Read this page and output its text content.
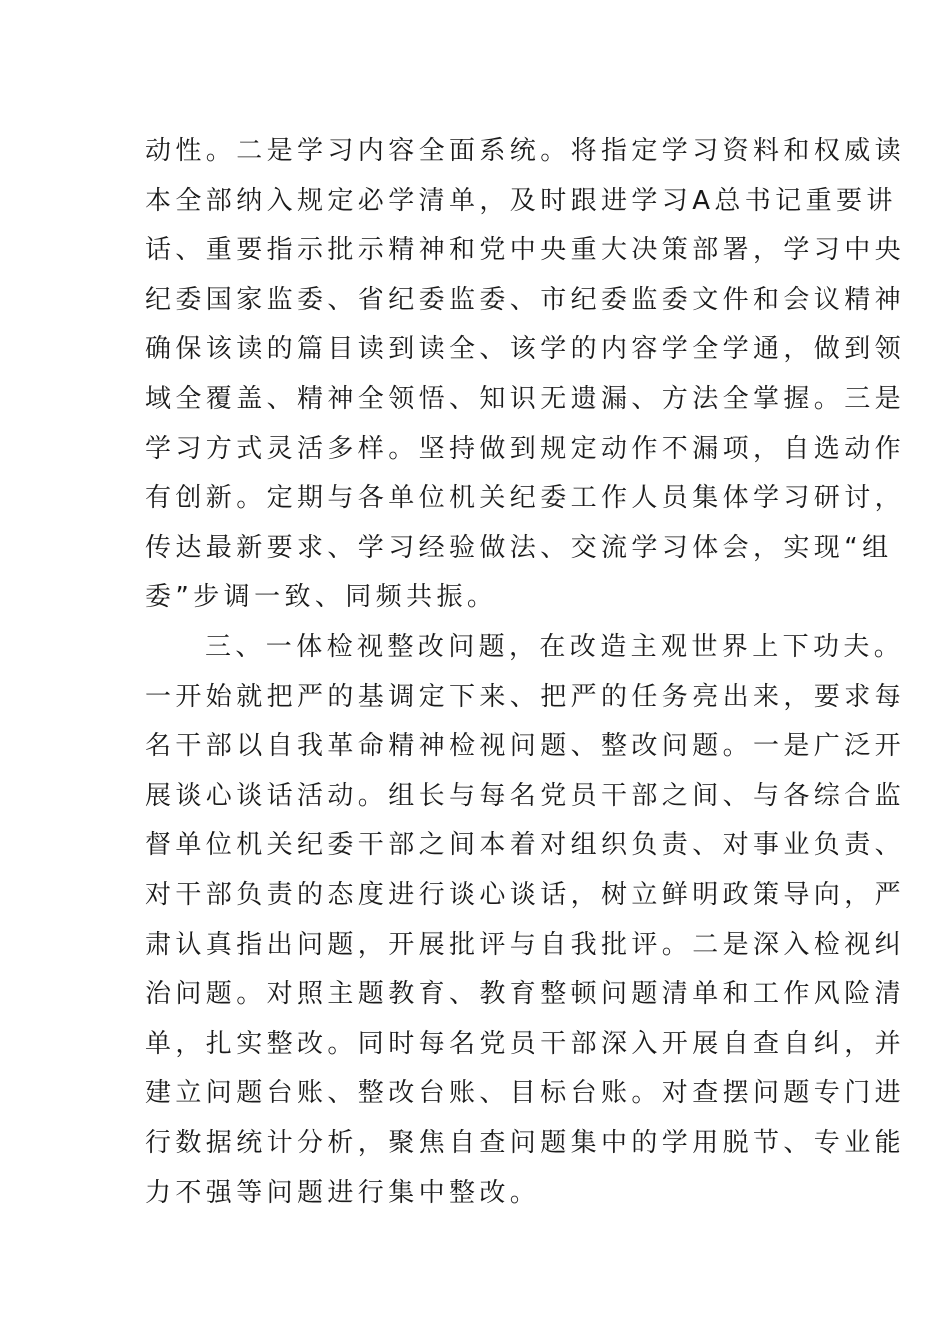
动性。二是学习内容全面系统。将指定学习资料和权威读
本全部纳入规定必学清单，及时跟进学习A总书记重要讲
话、重要指示批示精神和党中央重大决策部署，学习中央
纪委国家监委、省纪委监委、市纪委监委文件和会议精神
确保该读的篇目读到读全、该学的内容学全学通，做到领
域全覆盖、精神全领悟、知识无遗漏、方法全掌握。三是
学习方式灵活多样。坚持做到规定动作不漏项，自选动作
有创新。定期与各单位机关纪委工作人员集体学习研讨，
传达最新要求、学习经验做法、交流学习体会，实现“组
委”步调一致、同频共振。
三、一体检视整改问题，在改造主观世界上下功夫。
一开始就把严的基调定下来、把严的任务亮出来，要求每
名干部以自我革命精神检视问题、整改问题。一是广泛开
展谈心谈话活动。组长与每名党员干部之间、与各综合监
督单位机关纪委干部之间本着对组织负责、对事业负责、
对干部负责的态度进行谈心谈话，树立鲜明政策导向，严
肃认真指出问题，开展批评与自我批评。二是深入检视纠
治问题。对照主题教育、教育整顿问题清单和工作风险清
单，扎实整改。同时每名党员干部深入开展自查自纠，并
建立问题台账、整改台账、目标台账。对查摆问题专门进
行数据统计分析，聚焦自查问题集中的学用脱节、专业能
力不强等问题进行集中整改。
